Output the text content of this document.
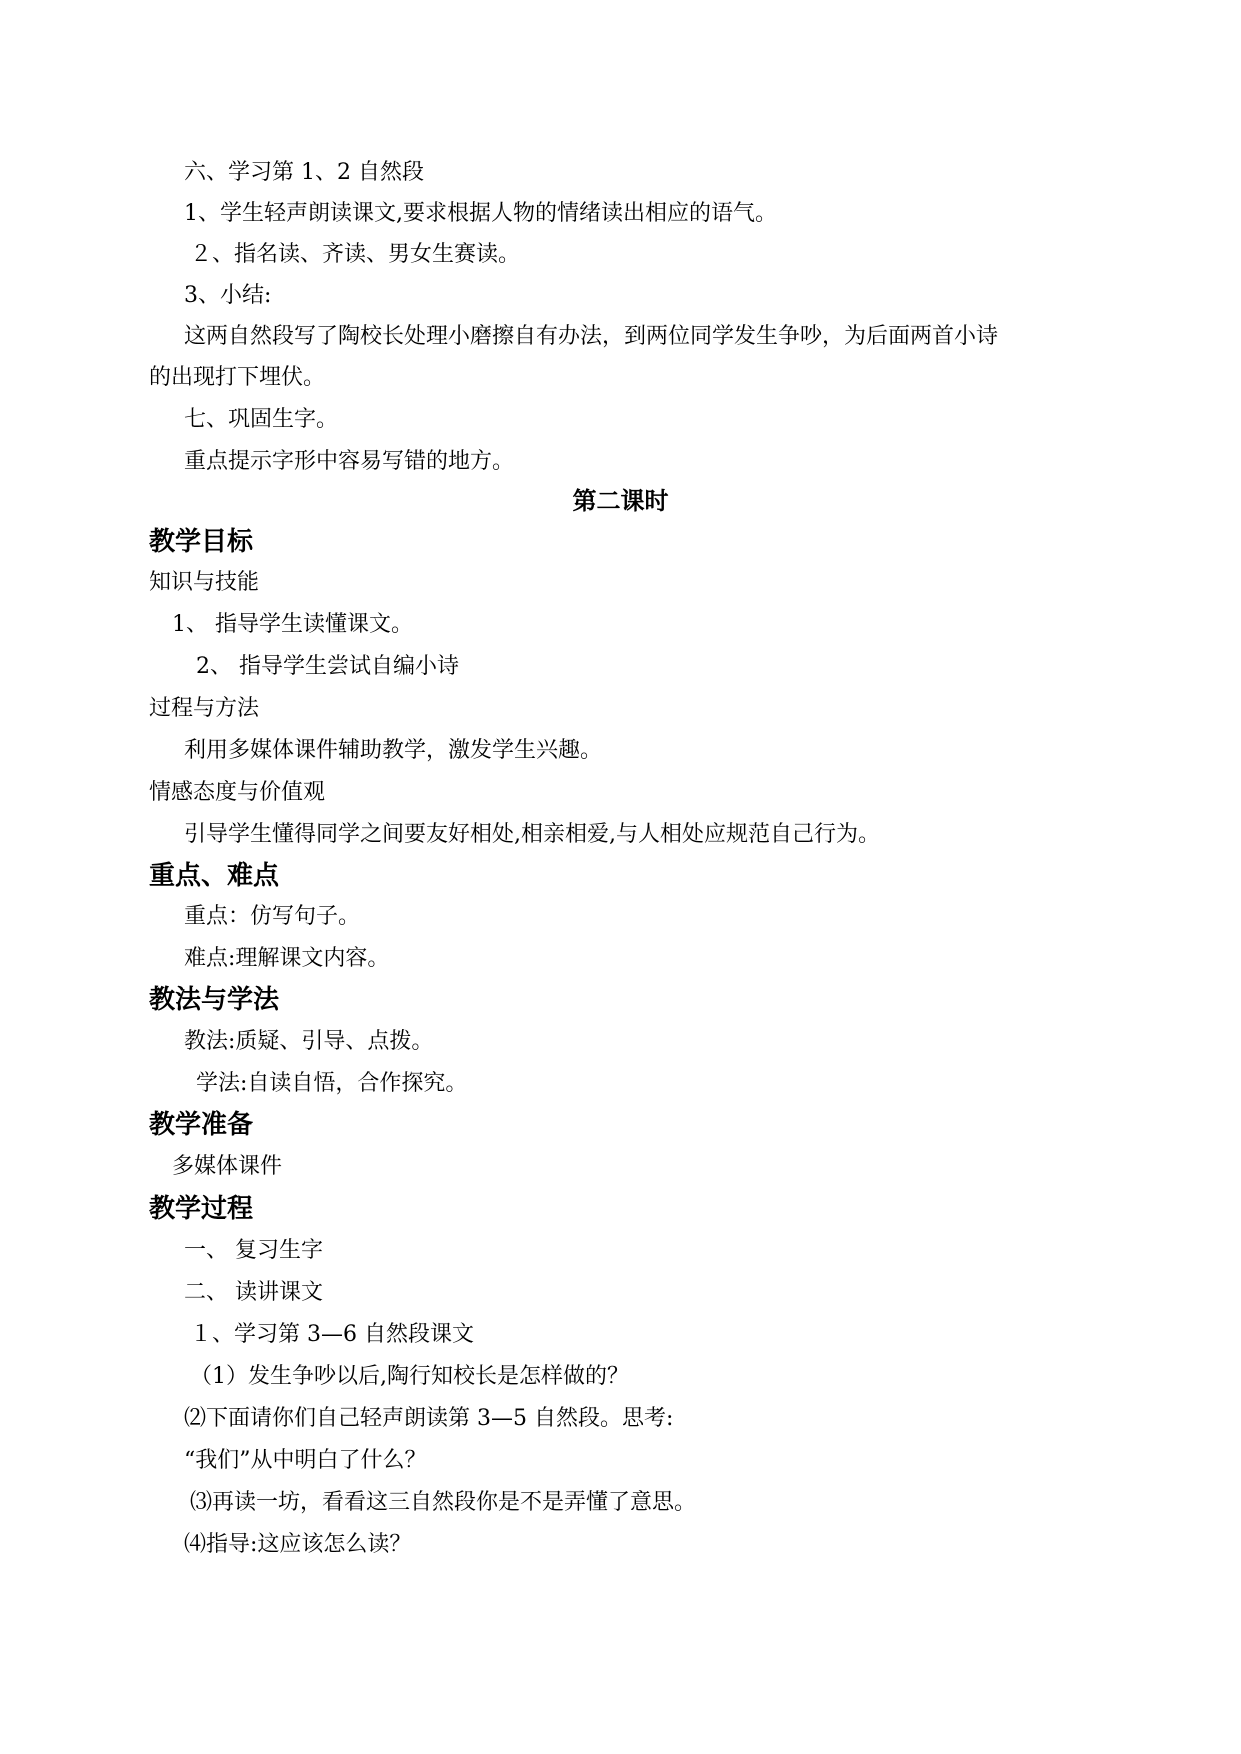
六、学习第 1、2 自然段
1、学生轻声朗读课文,要求根据人物的情绪读出相应的语气。
２、指名读、齐读、男女生赛读。
3、小结:
这两自然段写了陶校长处理小磨擦自有办法，到两位同学发生争吵，为后面两首小诗
的出现打下埋伏。
七、巩固生字。
重点提示字形中容易写错的地方。
第二课时
教学目标
知识与技能
1、 指导学生读懂课文。
2、 指导学生尝试自编小诗
过程与方法
利用多媒体课件辅助教学，激发学生兴趣。
情感态度与价值观
引导学生懂得同学之间要友好相处,相亲相爱,与人相处应规范自己行为。
重点、难点
重点：仿写句子。
难点:理解课文内容。
教法与学法
教法:质疑、引导、点拨。
学法:自读自悟，合作探究。
教学准备
多媒体课件
教学过程
一、 复习生字
二、 读讲课文
１、学习第 3—6 自然段课文
（1）发生争吵以后,陶行知校长是怎样做的？
⑵下面请你们自己轻声朗读第 3—5 自然段。思考:
“我们”从中明白了什么？
⑶再读一坊，看看这三自然段你是不是弄懂了意思。
⑷指导:这应该怎么读？
